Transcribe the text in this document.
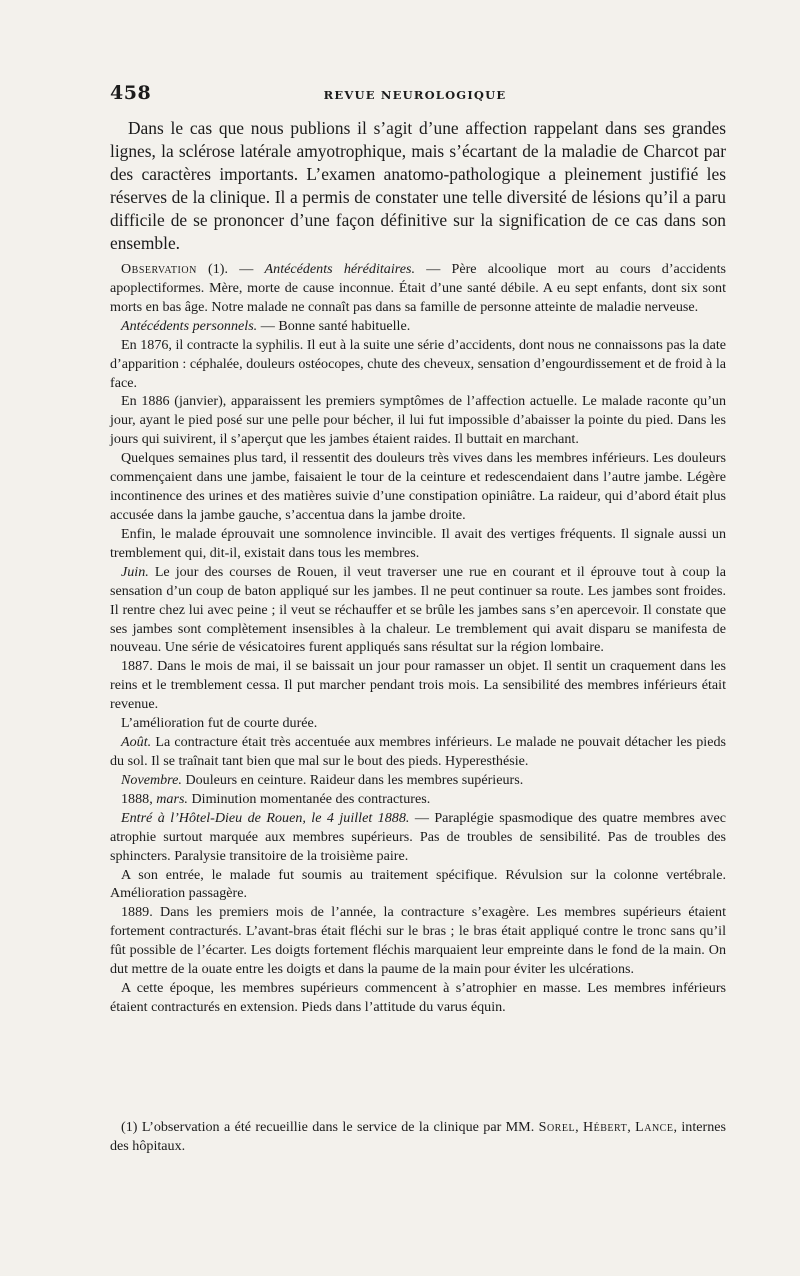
458	REVUE NEUROLOGIQUE

Dans le cas que nous publions il s’agit d’une affection rappelant dans ses grandes lignes, la sclérose latérale amyotrophique, mais s’écartant de la maladie de Charcot par des caractères importants. L’examen anatomo-pathologique a pleinement justifié les réserves de la clinique. Il a permis de constater une telle diversité de lésions qu’il a paru difficile de se prononcer d’une façon définitive sur la signification de ce cas dans son ensemble.

Observation (1). — Antécédents héréditaires. — Père alcoolique mort au cours d’accidents apoplectiformes. Mère, morte de cause inconnue. Était d’une santé débile. A eu sept enfants, dont six sont morts en bas âge. Notre malade ne connaît pas dans sa famille de personne atteinte de maladie nerveuse.

Antécédents personnels. — Bonne santé habituelle.

En 1876, il contracte la syphilis. Il eut à la suite une série d’accidents, dont nous ne connaissons pas la date d’apparition : céphalée, douleurs ostéocopes, chute des cheveux, sensation d’engourdissement et de froid à la face.

En 1886 (janvier), apparaissent les premiers symptômes de l’affection actuelle. Le malade raconte qu’un jour, ayant le pied posé sur une pelle pour bécher, il lui fut impossible d’abaisser la pointe du pied. Dans les jours qui suivirent, il s’aperçut que les jambes étaient raides. Il buttait en marchant.

Quelques semaines plus tard, il ressentit des douleurs très vives dans les membres inférieurs. Les douleurs commençaient dans une jambe, faisaient le tour de la ceinture et redescendaient dans l’autre jambe. Légère incontinence des urines et des matières suivie d’une constipation opiniâtre. La raideur, qui d’abord était plus accusée dans la jambe gauche, s’accentua dans la jambe droite.

Enfin, le malade éprouvait une somnolence invincible. Il avait des vertiges fréquents. Il signale aussi un tremblement qui, dit-il, existait dans tous les membres.

Juin. Le jour des courses de Rouen, il veut traverser une rue en courant et il éprouve tout à coup la sensation d’un coup de baton appliqué sur les jambes. Il ne peut continuer sa route. Les jambes sont froides. Il rentre chez lui avec peine ; il veut se réchauffer et se brûle les jambes sans s’en apercevoir. Il constate que ses jambes sont complètement insensibles à la chaleur. Le tremblement qui avait disparu se manifesta de nouveau. Une série de vésicatoires furent appliqués sans résultat sur la région lombaire.

1887. Dans le mois de mai, il se baissait un jour pour ramasser un objet. Il sentit un craquement dans les reins et le tremblement cessa. Il put marcher pendant trois mois. La sensibilité des membres inférieurs était revenue.

L’amélioration fut de courte durée.

Août. La contracture était très accentuée aux membres inférieurs. Le malade ne pouvait détacher les pieds du sol. Il se traînait tant bien que mal sur le bout des pieds. Hyperesthésie.

Novembre. Douleurs en ceinture. Raideur dans les membres supérieurs.

1888, mars. Diminution momentanée des contractures.

Entré à l’Hôtel-Dieu de Rouen, le 4 juillet 1888. — Paraplégie spasmodique des quatre membres avec atrophie surtout marquée aux membres supérieurs. Pas de troubles de sensibilité. Pas de troubles des sphincters. Paralysie transitoire de la troisième paire.

A son entrée, le malade fut soumis au traitement spécifique. Révulsion sur la colonne vertébrale. Amélioration passagère.

1889. Dans les premiers mois de l’année, la contracture s’exagère. Les membres supérieurs étaient fortement contracturés. L’avant-bras était fléchi sur le bras ; le bras était appliqué contre le tronc sans qu’il fût possible de l’écarter. Les doigts fortement fléchis marquaient leur empreinte dans le fond de la main. On dut mettre de la ouate entre les doigts et dans la paume de la main pour éviter les ulcérations.

A cette époque, les membres supérieurs commencent à s’atrophier en masse. Les membres inférieurs étaient contracturés en extension. Pieds dans l’attitude du varus équin.

(1) L’observation a été recueillie dans le service de la clinique par MM. Sorel, Hébert, Lance, internes des hôpitaux.
